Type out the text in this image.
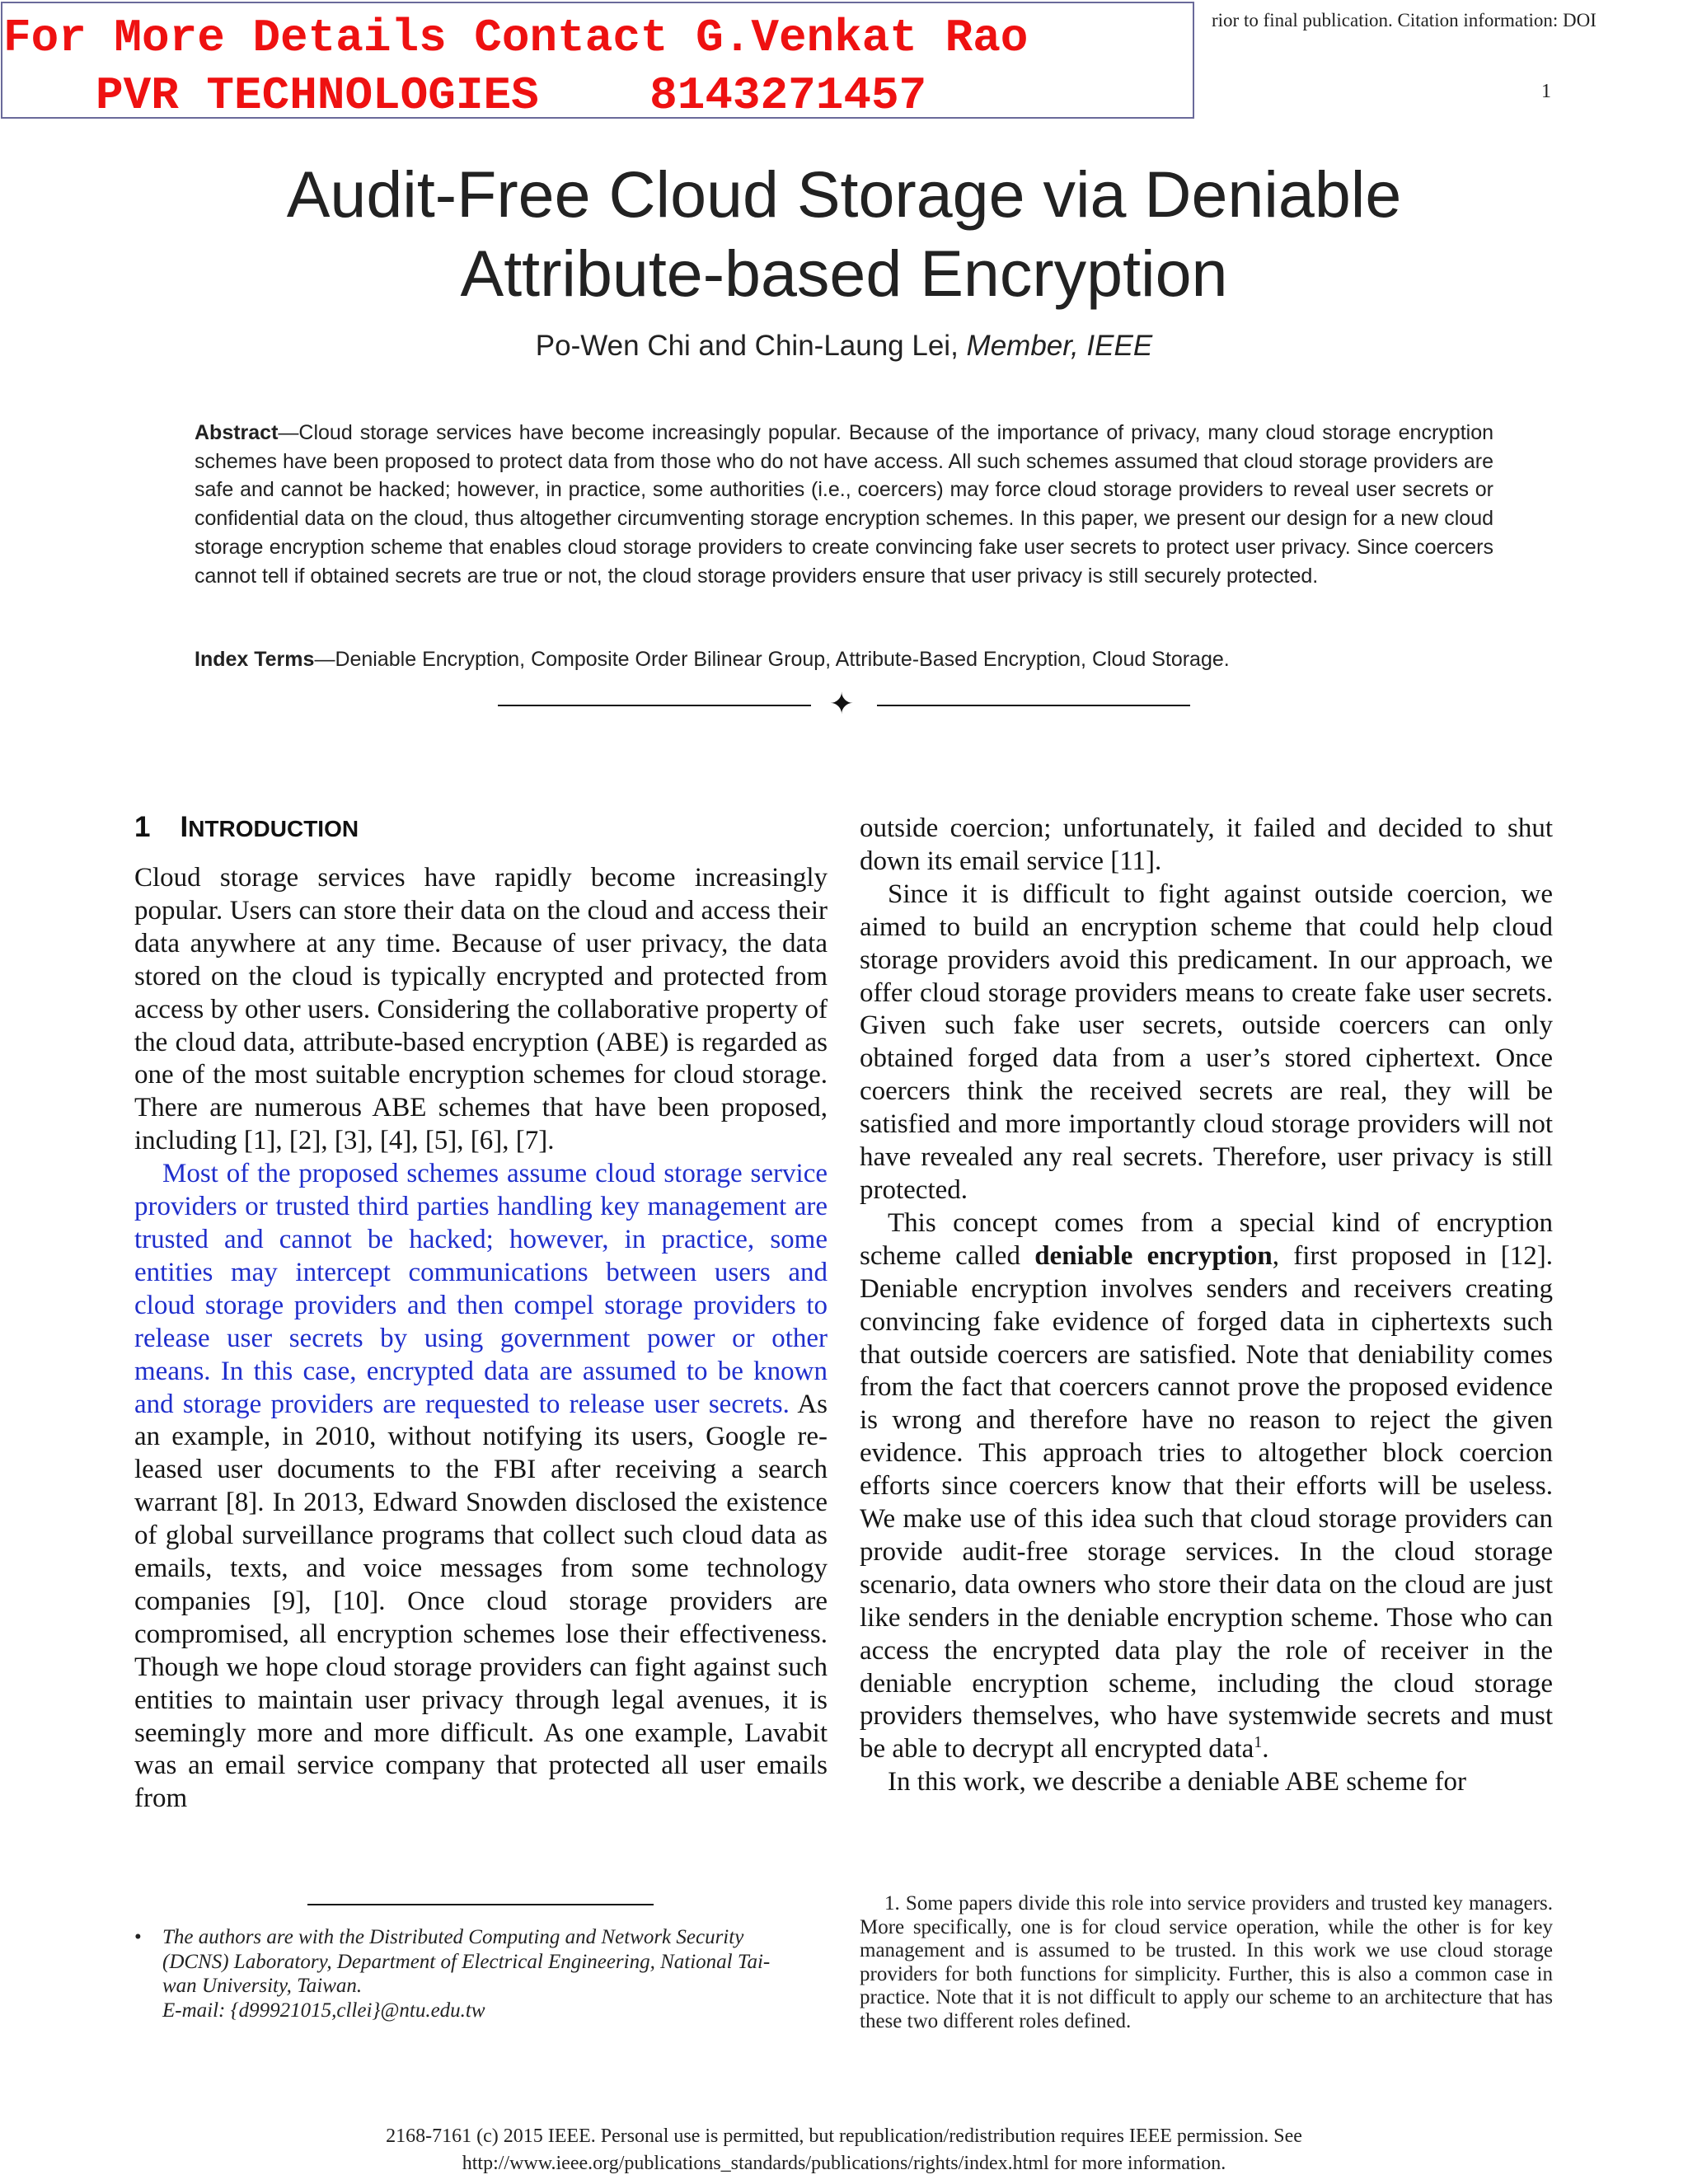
For More Details Contact G.Venkat Rao
PVR TECHNOLOGIES    8143271457
rior to final publication. Citation information: DOI
1
Audit-Free Cloud Storage via Deniable
Attribute-based Encryption
Po-Wen Chi and Chin-Laung Lei, Member, IEEE
Abstract—Cloud storage services have become increasingly popular. Because of the importance of privacy, many cloud storage encryption schemes have been proposed to protect data from those who do not have access. All such schemes assumed that cloud storage providers are safe and cannot be hacked; however, in practice, some authorities (i.e., coercers) may force cloud storage providers to reveal user secrets or confidential data on the cloud, thus altogether circumventing storage encryption schemes. In this paper, we present our design for a new cloud storage encryption scheme that enables cloud storage providers to create convincing fake user secrets to protect user privacy. Since coercers cannot tell if obtained secrets are true or not, the cloud storage providers ensure that user privacy is still securely protected.
Index Terms—Deniable Encryption, Composite Order Bilinear Group, Attribute-Based Encryption, Cloud Storage.
✦
1 INTRODUCTION

Cloud storage services have rapidly become increasingly popular. Users can store their data on the cloud and access their data anywhere at any time. Because of user privacy, the data stored on the cloud is typically encrypted and protected from access by other users. Considering the collaborative property of the cloud data, attribute-based encryption (ABE) is regarded as one of the most suitable encryption schemes for cloud storage. There are numerous ABE schemes that have been proposed, including [1], [2], [3], [4], [5], [6], [7].

Most of the proposed schemes assume cloud storage service providers or trusted third parties handling key management are trusted and cannot be hacked; however, in practice, some entities may intercept communications between users and cloud storage providers and then compel storage providers to release user secrets by using government power or other means. In this case, encrypted data are assumed to be known and storage providers are requested to release user secrets. As an example, in 2010, without notifying its users, Google released user documents to the FBI after receiving a search warrant [8]. In 2013, Edward Snowden disclosed the existence of global surveillance programs that collect such cloud data as emails, texts, and voice messages from some technology companies [9], [10]. Once cloud storage providers are compromised, all encryption schemes lose their effectiveness. Though we hope cloud storage providers can fight against such entities to maintain user privacy through legal avenues, it is seemingly more and more difficult. As one example, Lavabit was an email service company that protected all user emails from

outside coercion; unfortunately, it failed and decided to shut down its email service [11].

Since it is difficult to fight against outside coercion, we aimed to build an encryption scheme that could help cloud storage providers avoid this predicament. In our approach, we offer cloud storage providers means to create fake user secrets. Given such fake user secrets, outside coercers can only obtained forged data from a user’s stored ciphertext. Once coercers think the received secrets are real, they will be satisfied and more importantly cloud storage providers will not have revealed any real secrets. Therefore, user privacy is still protected.

This concept comes from a special kind of encryption scheme called deniable encryption, first proposed in [12]. Deniable encryption involves senders and receivers creating convincing fake evidence of forged data in ciphertexts such that outside coercers are satisfied. Note that deniability comes from the fact that coercers cannot prove the proposed evidence is wrong and therefore have no reason to reject the given evidence. This approach tries to altogether block coercion efforts since coercers know that their efforts will be useless. We make use of this idea such that cloud storage providers can provide audit-free storage services. In the cloud storage scenario, data owners who store their data on the cloud are just like senders in the deniable encryption scheme. Those who can access the encrypted data play the role of receiver in the deniable encryption scheme, including the cloud storage providers themselves, who have systemwide secrets and must be able to decrypt all encrypted data$^1$.

In this work, we describe a deniable ABE scheme for

• The authors are with the Distributed Computing and Network Security
(DCNS) Laboratory, Department of Electrical Engineering, National Tai-
wan University, Taiwan.
E-mail: {d99921015,cllei}@ntu.edu.tw
1. Some papers divide this role into service providers and trusted key managers. More specifically, one is for cloud service operation, while the other is for key management and is assumed to be trusted. In this work we use cloud storage providers for both functions for simplicity. Further, this is also a common case in practice. Note that it is not difficult to apply our scheme to an architecture that has these two different roles defined.
2168-7161 (c) 2015 IEEE. Personal use is permitted, but republication/redistribution requires IEEE permission. See
http://www.ieee.org/publications_standards/publications/rights/index.html for more information.
